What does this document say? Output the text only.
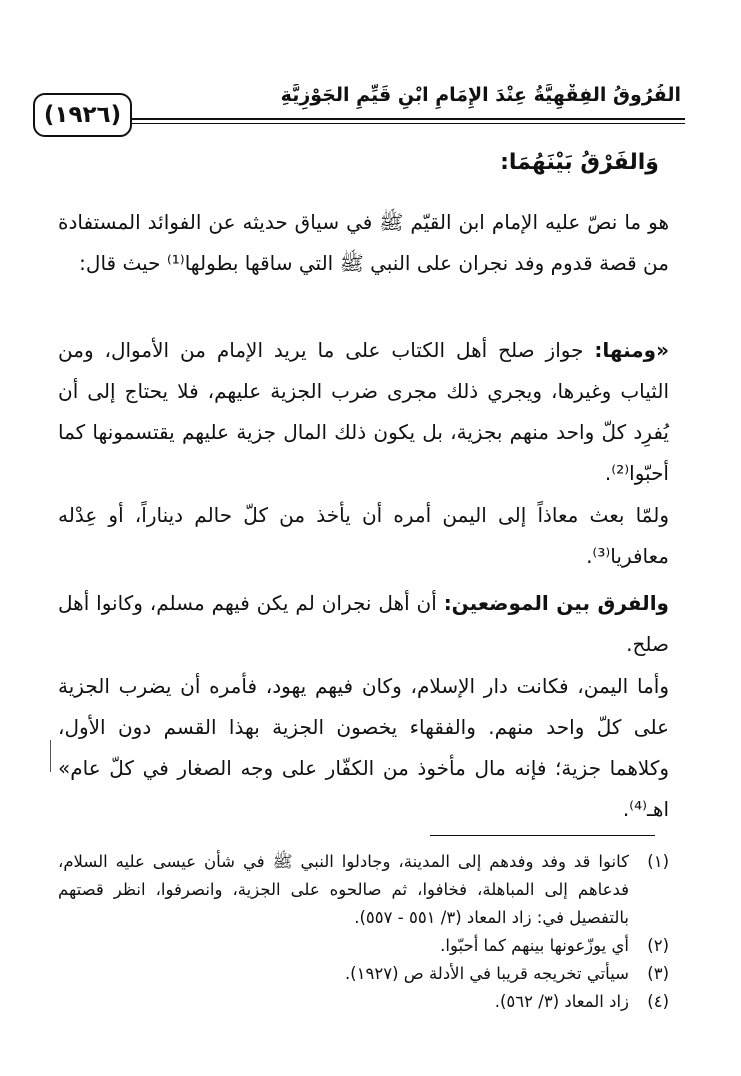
الفُرُوقُ الفِقْهِيَّةُ عِنْدَ الإِمَامِ ابْنِ قَيِّمِ الجَوْزِيَّةِ
(١٩٢٦)
وَالفَرْقُ بَيْنَهُمَا:
هو ما نصّ عليه الإمام ابن القيّم ﷺ في سياق حديثه عن الفوائد المستفادة من قصة قدوم وفد نجران على النبي ﷺ التي ساقها بطولها⁽¹⁾ حيث قال:
«ومنها: جواز صلح أهل الكتاب على ما يريد الإمام من الأموال، ومن الثياب وغيرها، ويجري ذلك مجرى ضرب الجزية عليهم، فلا يحتاج إلى أن يُفرِد كلّ واحد منهم بجزية، بل يكون ذلك المال جزية عليهم يقتسمونها كما أحبّوا⁽²⁾.
ولمّا بعث معاذاً إلى اليمن أمره أن يأخذ من كلّ حالم ديناراً، أو عِدْله معافريا⁽³⁾.
والفرق بين الموضعين: أن أهل نجران لم يكن فيهم مسلم، وكانوا أهل صلح.
وأما اليمن، فكانت دار الإسلام، وكان فيهم يهود، فأمره أن يضرب الجزية على كلّ واحد منهم. والفقهاء يخصون الجزية بهذا القسم دون الأول، وكلاهما جزية؛ فإنه مال مأخوذ من الكفّار على وجه الصغار في كلّ عام» اهـ⁽⁴⁾.
(١)
كانوا قد وفد وفدهم إلى المدينة، وجادلوا النبي ﷺ في شأن عيسى عليه السلام، فدعاهم إلى المباهلة، فخافوا، ثم صالحوه على الجزية، وانصرفوا، انظر قصتهم بالتفصيل في: زاد المعاد (٣/ ٥٥١ - ٥٥٧).
(٢)
أي يوزّعونها بينهم كما أحبّوا.
(٣)
سيأتي تخريجه قريبا في الأدلة ص (١٩٢٧).
(٤)
زاد المعاد (٣/ ٥٦٢).
